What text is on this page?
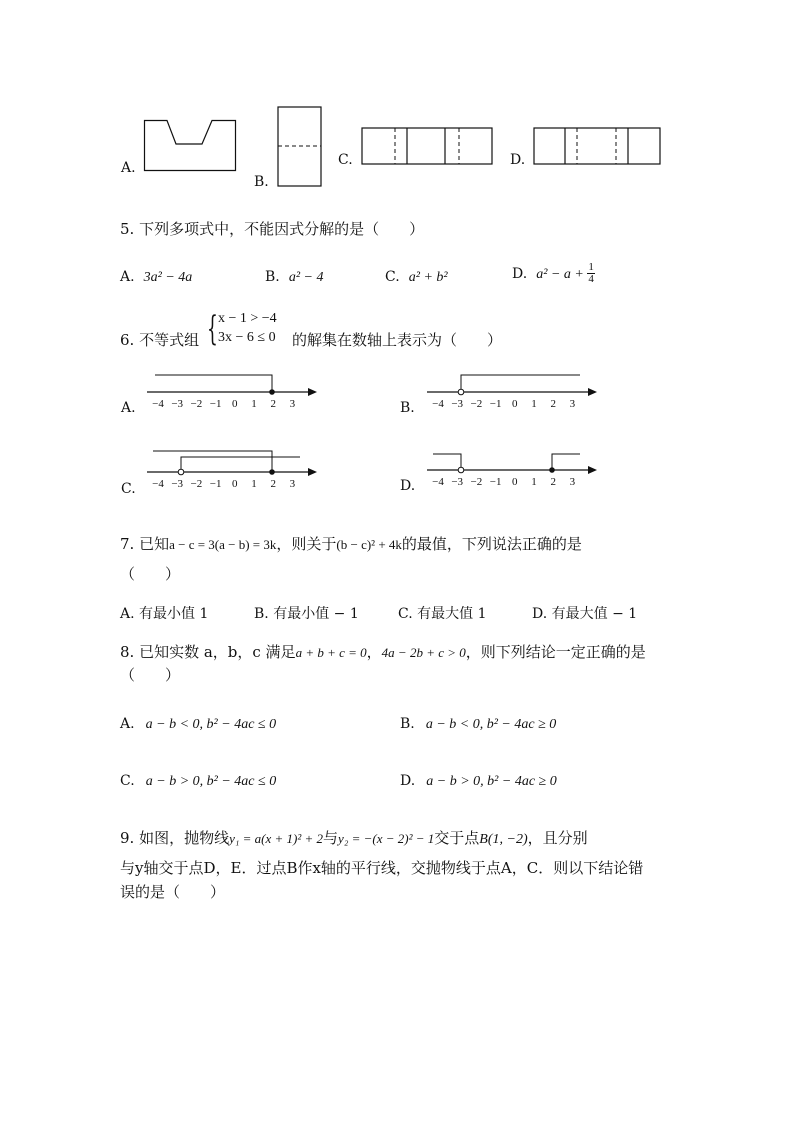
A.
B.
C.	D.
5. 下列多项式中，不能因式分解的是（　　）
A. 3a² − 4a	B. a² − 4	C. a² + b²	D. $a^2 - a + \frac{1}{4}$
6. 不等式组 { x − 1 > −4
3x − 6 ≤ 0 的解集在数轴上表示为（　　）
A. −4 −3 −2 −1 0 1 2 3	B. −4 −3 −2 −1 0 1 2 3
C. −4 −3 −2 −1 0 1 2 3	D. −4 −3 −2 −1 0 1 2 3
7. 已知a − c = 3(a − b) = 3k，则关于(b − c)² + 4k的最值，下列说法正确的是
（　　）
A. 有最小值 1	B. 有最小值 − 1	C. 有最大值 1	D. 有最大值 − 1
8. 已知实数 a，b，c 满足a + b + c = 0，4a − 2b + c > 0，则下列结论一定正确的是
（　　）
A. a − b < 0, b² − 4ac ≤ 0	B. a − b < 0, b² − 4ac ≥ 0
C. a − b > 0, b² − 4ac ≤ 0	D. a − b > 0, b² − 4ac ≥ 0
9. 如图，抛物线y₁ = a(x + 1)² + 2与y₂ = −(x − 2)² − 1交于点B(1, −2)，且分别
与y轴交于点D，E．过点B作x轴的平行线，交抛物线于点A，C．则以下结论错
误的是（　　）
